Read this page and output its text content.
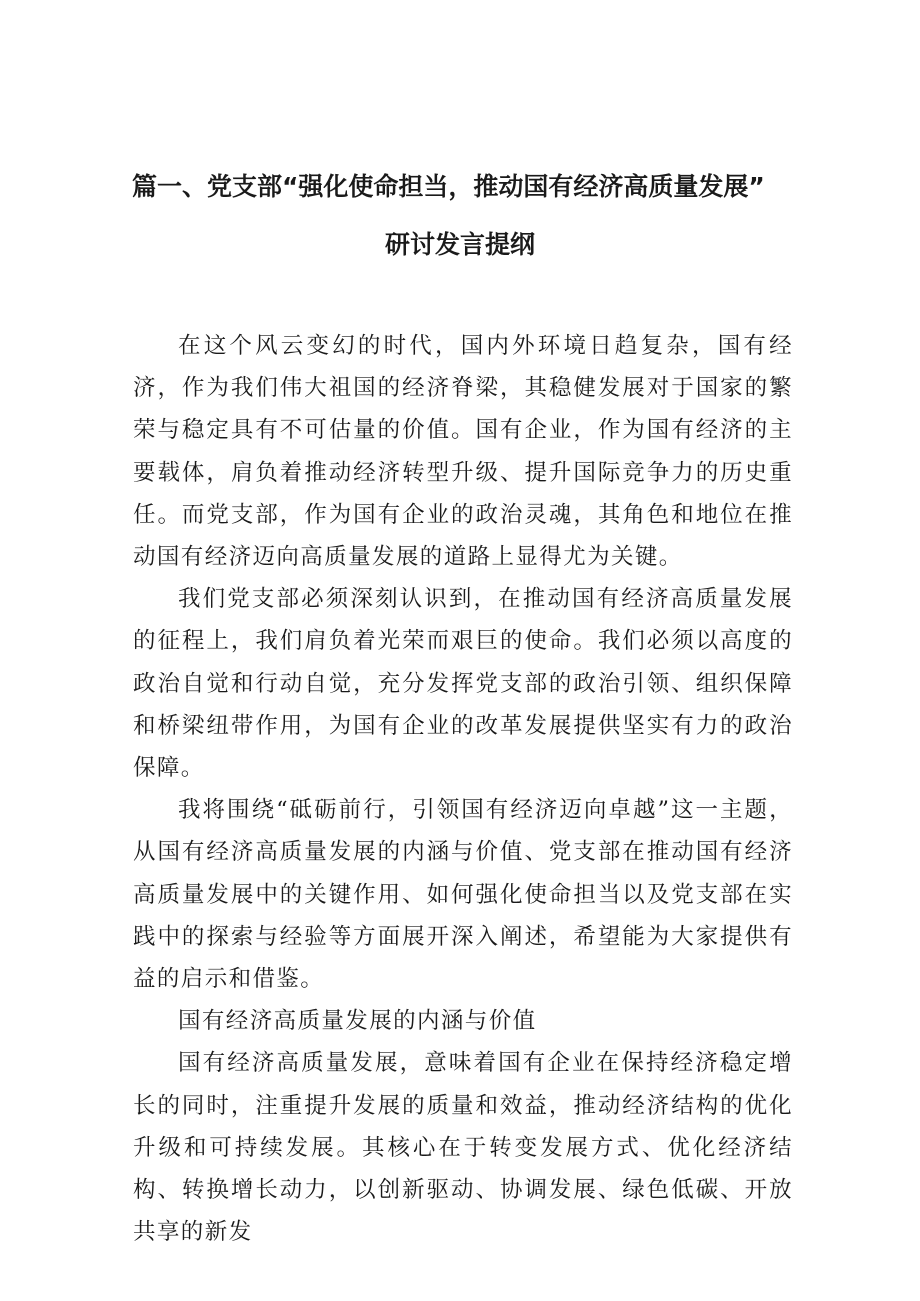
篇一、党支部“强化使命担当，推动国有经济高质量发展”
研讨发言提纲

在这个风云变幻的时代，国内外环境日趋复杂，国有经济，作为我们伟大祖国的经济脊梁，其稳健发展对于国家的繁荣与稳定具有不可估量的价值。国有企业，作为国有经济的主要载体，肩负着推动经济转型升级、提升国际竞争力的历史重任。而党支部，作为国有企业的政治灵魂，其角色和地位在推动国有经济迈向高质量发展的道路上显得尤为关键。

我们党支部必须深刻认识到，在推动国有经济高质量发展的征程上，我们肩负着光荣而艰巨的使命。我们必须以高度的政治自觉和行动自觉，充分发挥党支部的政治引领、组织保障和桥梁纽带作用，为国有企业的改革发展提供坚实有力的政治保障。

我将围绕“砥砺前行，引领国有经济迈向卓越”这一主题，从国有经济高质量发展的内涵与价值、党支部在推动国有经济高质量发展中的关键作用、如何强化使命担当以及党支部在实践中的探索与经验等方面展开深入阐述，希望能为大家提供有益的启示和借鉴。

国有经济高质量发展的内涵与价值

国有经济高质量发展，意味着国有企业在保持经济稳定增长的同时，注重提升发展的质量和效益，推动经济结构的优化升级和可持续发展。其核心在于转变发展方式、优化经济结构、转换增长动力，以创新驱动、协调发展、绿色低碳、开放共享的新发
